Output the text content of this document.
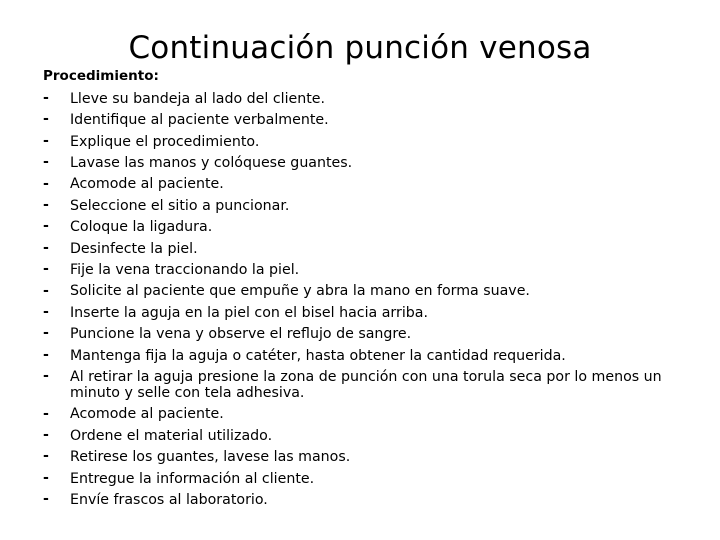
Continuación punción venosa
Procedimiento:
-	Lleve su bandeja al lado del cliente.
-	Identifique al paciente verbalmente.
-	Explique el procedimiento.
-	Lavase las manos y colóquese guantes.
-	Acomode al paciente.
-	Seleccione el sitio a puncionar.
-	Coloque la ligadura.
-	Desinfecte la piel.
-	Fije la vena traccionando la piel.
-	Solicite al paciente que empuñe y abra la mano en forma suave.
-	Inserte la aguja en la piel con el bisel hacia arriba.
-	Puncione la vena y observe el reflujo de sangre.
-	Mantenga fija la aguja o catéter, hasta obtener la cantidad requerida.
-	Al retirar la aguja presione la zona de punción con una torula seca por lo menos un minuto y selle con tela adhesiva.
-	Acomode al paciente.
-	Ordene el material utilizado.
-	Retirese los guantes, lavese las manos.
-	Entregue la información al cliente.
-	Envíe frascos al laboratorio.
